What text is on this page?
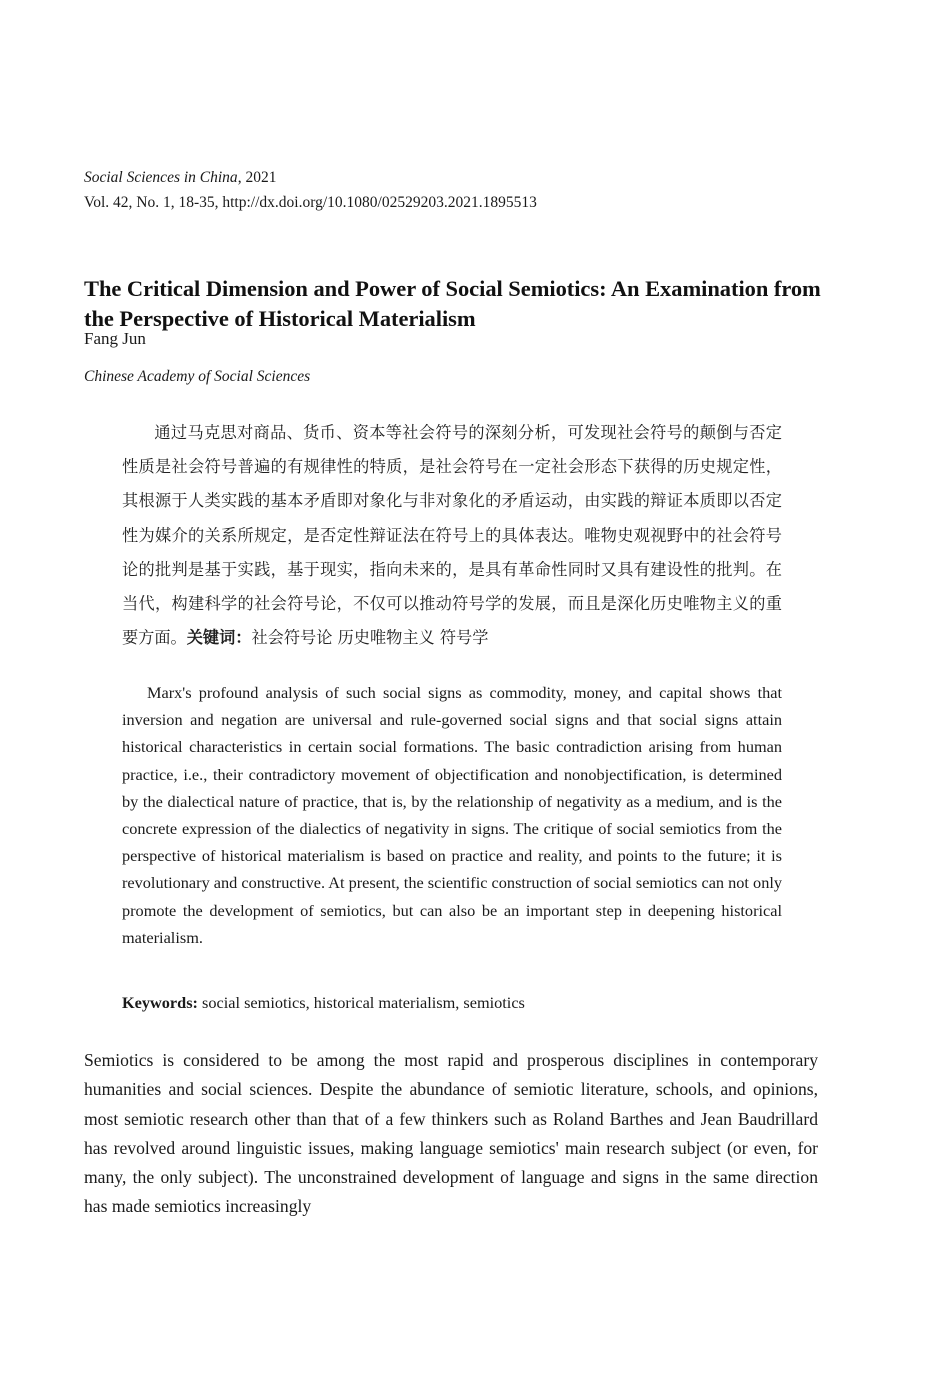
Social Sciences in China, 2021
Vol. 42, No. 1, 18-35, http://dx.doi.org/10.1080/02529203.2021.1895513
The Critical Dimension and Power of Social Semiotics: An Examination from the Perspective of Historical Materialism
Fang Jun
Chinese Academy of Social Sciences
通过马克思对商品、货币、资本等社会符号的深刻分析，可发现社会符号的颠倒与否定性质是社会符号普遍的有规律性的特质，是社会符号在一定社会形态下获得的历史规定性，其根源于人类实践的基本矛盾即对象化与非对象化的矛盾运动，由实践的辩证本质即以否定性为媒介的关系所规定，是否定性辩证法在符号上的具体表达。唯物史观视野中的社会符号论的批判是基于实践，基于现实，指向未来的，是具有革命性同时又具有建设性的批判。在当代，构建科学的社会符号论，不仅可以推动符号学的发展，而且是深化历史唯物主义的重要方面。关键词：社会符号论 历史唯物主义 符号学
Marx's profound analysis of such social signs as commodity, money, and capital shows that inversion and negation are universal and rule-governed social signs and that social signs attain historical characteristics in certain social formations. The basic contradiction arising from human practice, i.e., their contradictory movement of objectification and nonobjectification, is determined by the dialectical nature of practice, that is, by the relationship of negativity as a medium, and is the concrete expression of the dialectics of negativity in signs. The critique of social semiotics from the perspective of historical materialism is based on practice and reality, and points to the future; it is revolutionary and constructive. At present, the scientific construction of social semiotics can not only promote the development of semiotics, but can also be an important step in deepening historical materialism.
Keywords: social semiotics, historical materialism, semiotics
Semiotics is considered to be among the most rapid and prosperous disciplines in contemporary humanities and social sciences. Despite the abundance of semiotic literature, schools, and opinions, most semiotic research other than that of a few thinkers such as Roland Barthes and Jean Baudrillard has revolved around linguistic issues, making language semiotics' main research subject (or even, for many, the only subject). The unconstrained development of language and signs in the same direction has made semiotics increasingly
